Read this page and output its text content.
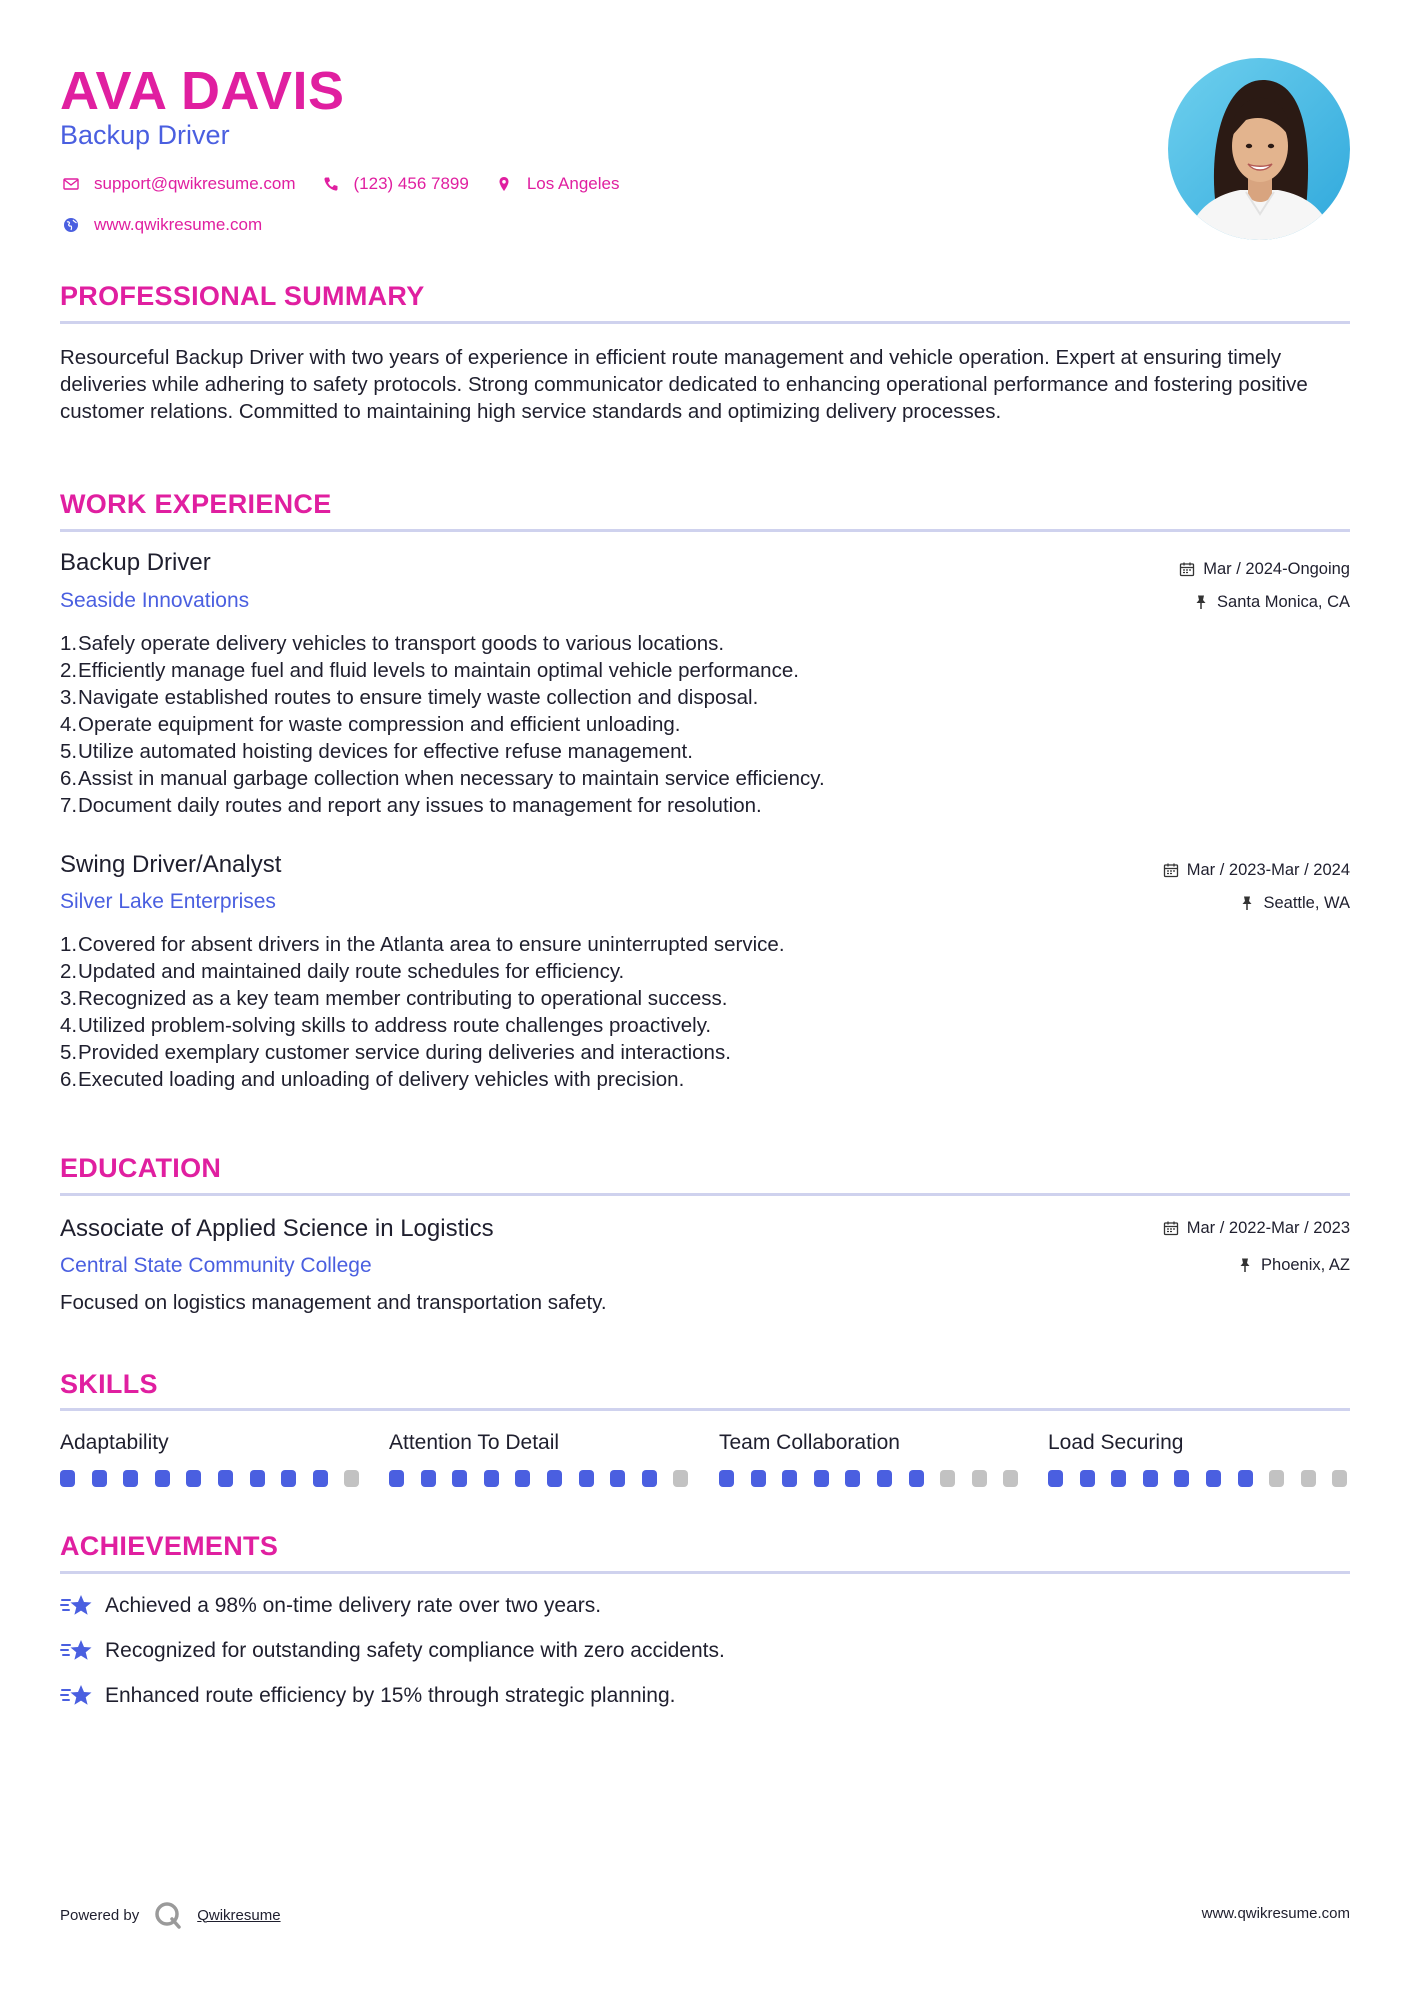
AVA DAVIS
Backup Driver
support@qwikresume.com	(123) 456 7899	Los Angeles
www.qwikresume.com
PROFESSIONAL SUMMARY
Resourceful Backup Driver with two years of experience in efficient route management and vehicle operation. Expert at ensuring timely deliveries while adhering to safety protocols. Strong communicator dedicated to enhancing operational performance and fostering positive customer relations. Committed to maintaining high service standards and optimizing delivery processes.
WORK EXPERIENCE
Backup Driver
Seaside Innovations
Mar / 2024-Ongoing
Santa Monica, CA
1. Safely operate delivery vehicles to transport goods to various locations.
2. Efficiently manage fuel and fluid levels to maintain optimal vehicle performance.
3. Navigate established routes to ensure timely waste collection and disposal.
4. Operate equipment for waste compression and efficient unloading.
5. Utilize automated hoisting devices for effective refuse management.
6. Assist in manual garbage collection when necessary to maintain service efficiency.
7. Document daily routes and report any issues to management for resolution.
Swing Driver/Analyst
Silver Lake Enterprises
Mar / 2023-Mar / 2024
Seattle, WA
1. Covered for absent drivers in the Atlanta area to ensure uninterrupted service.
2. Updated and maintained daily route schedules for efficiency.
3. Recognized as a key team member contributing to operational success.
4. Utilized problem-solving skills to address route challenges proactively.
5. Provided exemplary customer service during deliveries and interactions.
6. Executed loading and unloading of delivery vehicles with precision.
EDUCATION
Associate of Applied Science in Logistics
Central State Community College
Mar / 2022-Mar / 2023
Phoenix, AZ
Focused on logistics management and transportation safety.
SKILLS
Adaptability	Attention To Detail	Team Collaboration	Load Securing
ACHIEVEMENTS
Achieved a 98% on-time delivery rate over two years.
Recognized for outstanding safety compliance with zero accidents.
Enhanced route efficiency by 15% through strategic planning.
Powered by	Qwikresume	www.qwikresume.com
